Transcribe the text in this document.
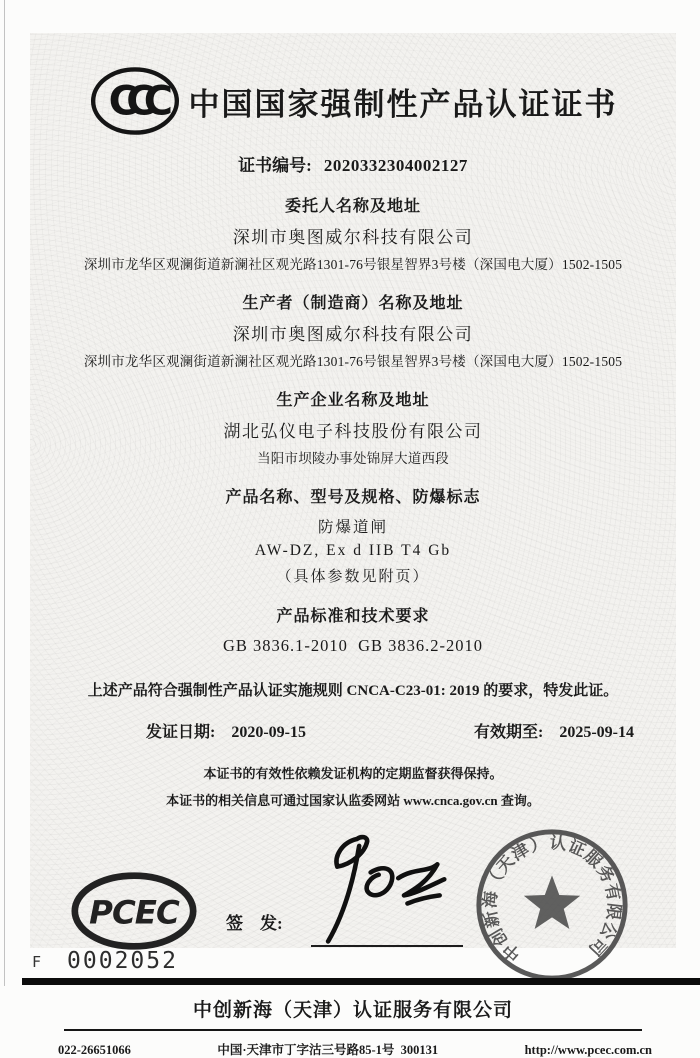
CCC 中国国家强制性产品认证证书
证书编号: 2020332304002127
委托人名称及地址
深圳市奥图威尔科技有限公司
深圳市龙华区观澜街道新澜社区观光路1301-76号银星智界3号楼（深国电大厦）1502-1505
生产者（制造商）名称及地址
深圳市奥图威尔科技有限公司
深圳市龙华区观澜街道新澜社区观光路1301-76号银星智界3号楼（深国电大厦）1502-1505
生产企业名称及地址
湖北弘仪电子科技股份有限公司
当阳市坝陵办事处锦屏大道西段
产品名称、型号及规格、防爆标志
防爆道闸
AW-DZ, Ex d IIB T4 Gb
（具体参数见附页）
产品标准和技术要求
GB 3836.1-2010  GB 3836.2-2010
上述产品符合强制性产品认证实施规则 CNCA-C23-01: 2019 的要求，特发此证。
发证日期: 2020-09-15	有效期至: 2025-09-14
本证书的有效性依赖发证机构的定期监督获得保持。
本证书的相关信息可通过国家认监委网站 www.cnca.gov.cn 查询。
PCEC	签　发:
中创新海（天津）认证服务有限公司
中创新海（天津）认证服务有限公司
022-26651066	中国·天津市丁字沽三号路85-1号  300131	http://www.pcec.com.cn
F 0002052
